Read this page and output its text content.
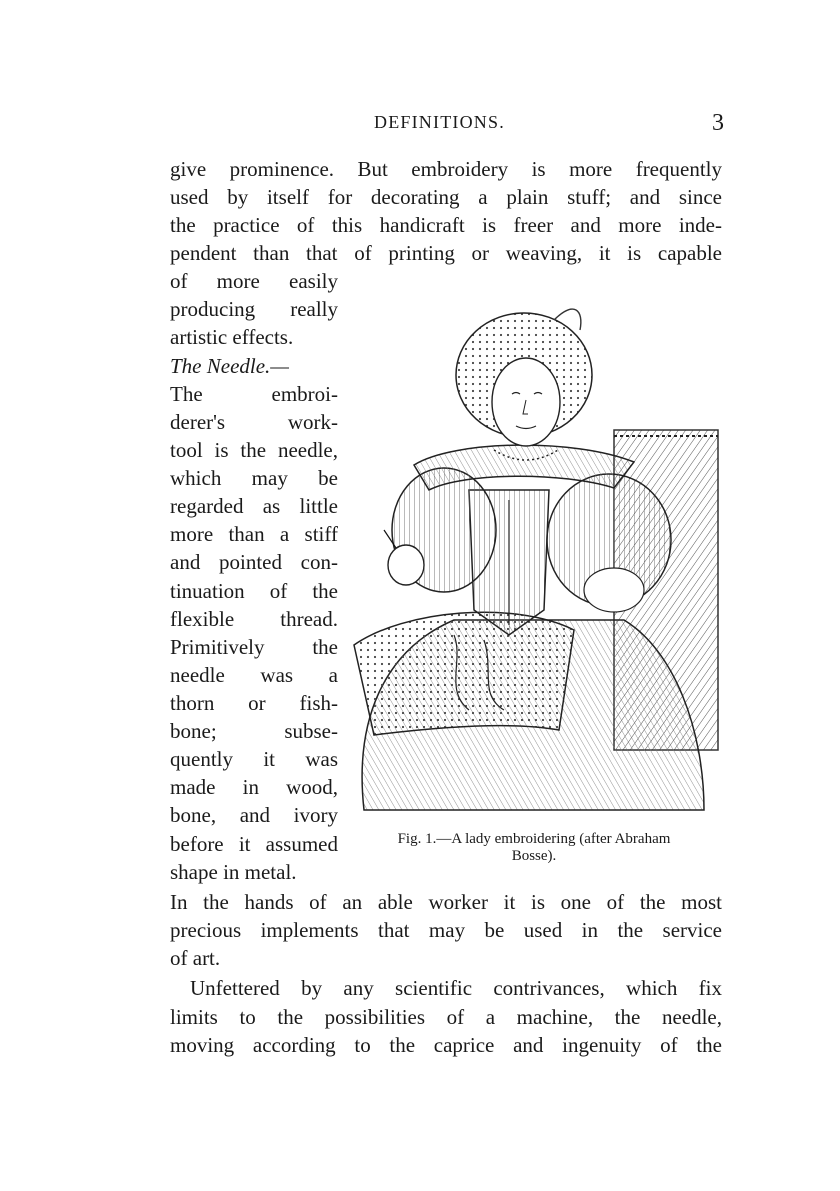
DEFINITIONS.	3
give prominence. But embroidery is more frequently
used by itself for decorating a plain stuff; and since
the practice of this handicraft is freer and more inde-
pendent than that of printing or weaving, it is capable
of more easily
producing really
artistic effects.
The Needle.—
The embroi-
derer's work-
tool is the needle,
which may be
regarded as little
more than a stiff
and pointed con-
tinuation of the
flexible thread.
Primitively the
needle was a
thorn or fish-
bone; subse-
quently it was
made in wood,
bone, and ivory
before it assumed
shape in metal.
In the hands of an able worker it is one of the most
precious implements that may be used in the service
of art.
Unfettered by any scientific contrivances, which fix
limits to the possibilities of a machine, the needle,
moving according to the caprice and ingenuity of the
Fig. 1.—A lady embroidering (after Abraham
Bosse).
